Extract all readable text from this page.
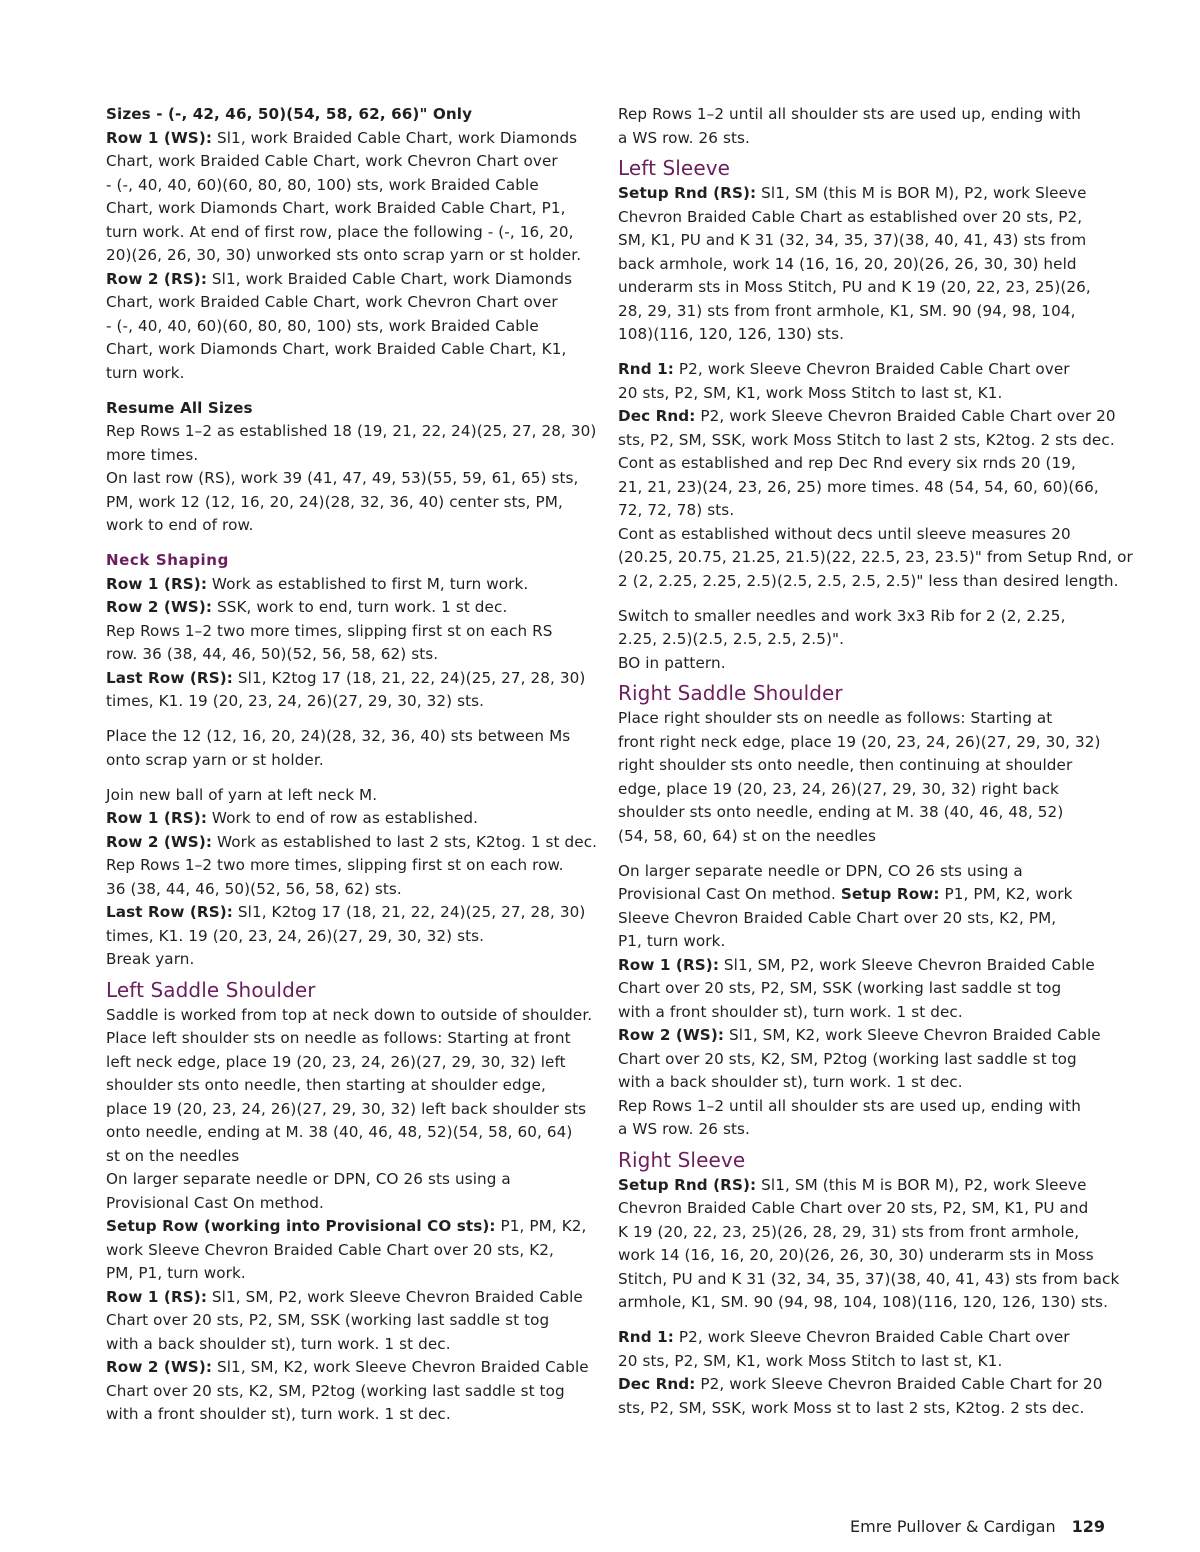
Sizes - (-, 42, 46, 50)(54, 58, 62, 66)" Only
Row 1 (WS): Sl1, work Braided Cable Chart, work Diamonds
Chart, work Braided Cable Chart, work Chevron Chart over
- (-, 40, 40, 60)(60, 80, 80, 100) sts, work Braided Cable
Chart, work Diamonds Chart, work Braided Cable Chart, P1,
turn work. At end of first row, place the following - (-, 16, 20,
20)(26, 26, 30, 30) unworked sts onto scrap yarn or st holder.
Row 2 (RS): Sl1, work Braided Cable Chart, work Diamonds
Chart, work Braided Cable Chart, work Chevron Chart over
- (-, 40, 40, 60)(60, 80, 80, 100) sts, work Braided Cable
Chart, work Diamonds Chart, work Braided Cable Chart, K1,
turn work.
Resume All Sizes
Rep Rows 1–2 as established 18 (19, 21, 22, 24)(25, 27, 28, 30)
more times.
On last row (RS), work 39 (41, 47, 49, 53)(55, 59, 61, 65) sts,
PM, work 12 (12, 16, 20, 24)(28, 32, 36, 40) center sts, PM,
work to end of row.
Neck Shaping
Row 1 (RS): Work as established to first M, turn work.
Row 2 (WS): SSK, work to end, turn work. 1 st dec.
Rep Rows 1–2 two more times, slipping first st on each RS
row. 36 (38, 44, 46, 50)(52, 56, 58, 62) sts.
Last Row (RS): Sl1, K2tog 17 (18, 21, 22, 24)(25, 27, 28, 30)
times, K1. 19 (20, 23, 24, 26)(27, 29, 30, 32) sts.
Place the 12 (12, 16, 20, 24)(28, 32, 36, 40) sts between Ms
onto scrap yarn or st holder.
Join new ball of yarn at left neck M.
Row 1 (RS): Work to end of row as established.
Row 2 (WS): Work as established to last 2 sts, K2tog. 1 st dec.
Rep Rows 1–2 two more times, slipping first st on each row.
36 (38, 44, 46, 50)(52, 56, 58, 62) sts.
Last Row (RS): Sl1, K2tog 17 (18, 21, 22, 24)(25, 27, 28, 30)
times, K1. 19 (20, 23, 24, 26)(27, 29, 30, 32) sts.
Break yarn.
Left Saddle Shoulder
Saddle is worked from top at neck down to outside of shoulder.
Place left shoulder sts on needle as follows: Starting at front
left neck edge, place 19 (20, 23, 24, 26)(27, 29, 30, 32) left
shoulder sts onto needle, then starting at shoulder edge,
place 19 (20, 23, 24, 26)(27, 29, 30, 32) left back shoulder sts
onto needle, ending at M. 38 (40, 46, 48, 52)(54, 58, 60, 64)
st on the needles
On larger separate needle or DPN, CO 26 sts using a
Provisional Cast On method.
Setup Row (working into Provisional CO sts): P1, PM, K2,
work Sleeve Chevron Braided Cable Chart over 20 sts, K2,
PM, P1, turn work.
Row 1 (RS): Sl1, SM, P2, work Sleeve Chevron Braided Cable
Chart over 20 sts, P2, SM, SSK (working last saddle st tog
with a back shoulder st), turn work. 1 st dec.
Row 2 (WS): Sl1, SM, K2, work Sleeve Chevron Braided Cable
Chart over 20 sts, K2, SM, P2tog (working last saddle st tog
with a front shoulder st), turn work. 1 st dec.
Rep Rows 1–2 until all shoulder sts are used up, ending with
a WS row. 26 sts.
Left Sleeve
Setup Rnd (RS): Sl1, SM (this M is BOR M), P2, work Sleeve
Chevron Braided Cable Chart as established over 20 sts, P2,
SM, K1, PU and K 31 (32, 34, 35, 37)(38, 40, 41, 43) sts from
back armhole, work 14 (16, 16, 20, 20)(26, 26, 30, 30) held
underarm sts in Moss Stitch, PU and K 19 (20, 22, 23, 25)(26,
28, 29, 31) sts from front armhole, K1, SM. 90 (94, 98, 104,
108)(116, 120, 126, 130) sts.
Rnd 1: P2, work Sleeve Chevron Braided Cable Chart over
20 sts, P2, SM, K1, work Moss Stitch to last st, K1.
Dec Rnd: P2, work Sleeve Chevron Braided Cable Chart over 20
sts, P2, SM, SSK, work Moss Stitch to last 2 sts, K2tog. 2 sts dec.
Cont as established and rep Dec Rnd every six rnds 20 (19,
21, 21, 23)(24, 23, 26, 25) more times. 48 (54, 54, 60, 60)(66,
72, 72, 78) sts.
Cont as established without decs until sleeve measures 20
(20.25, 20.75, 21.25, 21.5)(22, 22.5, 23, 23.5)" from Setup Rnd, or
2 (2, 2.25, 2.25, 2.5)(2.5, 2.5, 2.5, 2.5)" less than desired length.
Switch to smaller needles and work 3x3 Rib for 2 (2, 2.25,
2.25, 2.5)(2.5, 2.5, 2.5, 2.5)".
BO in pattern.
Right Saddle Shoulder
Place right shoulder sts on needle as follows: Starting at
front right neck edge, place 19 (20, 23, 24, 26)(27, 29, 30, 32)
right shoulder sts onto needle, then continuing at shoulder
edge, place 19 (20, 23, 24, 26)(27, 29, 30, 32) right back
shoulder sts onto needle, ending at M. 38 (40, 46, 48, 52)
(54, 58, 60, 64) st on the needles
On larger separate needle or DPN, CO 26 sts using a
Provisional Cast On method. Setup Row: P1, PM, K2, work
Sleeve Chevron Braided Cable Chart over 20 sts, K2, PM,
P1, turn work.
Row 1 (RS): Sl1, SM, P2, work Sleeve Chevron Braided Cable
Chart over 20 sts, P2, SM, SSK (working last saddle st tog
with a front shoulder st), turn work. 1 st dec.
Row 2 (WS): Sl1, SM, K2, work Sleeve Chevron Braided Cable
Chart over 20 sts, K2, SM, P2tog (working last saddle st tog
with a back shoulder st), turn work. 1 st dec.
Rep Rows 1–2 until all shoulder sts are used up, ending with
a WS row. 26 sts.
Right Sleeve
Setup Rnd (RS): Sl1, SM (this M is BOR M), P2, work Sleeve
Chevron Braided Cable Chart over 20 sts, P2, SM, K1, PU and
K 19 (20, 22, 23, 25)(26, 28, 29, 31) sts from front armhole,
work 14 (16, 16, 20, 20)(26, 26, 30, 30) underarm sts in Moss
Stitch, PU and K 31 (32, 34, 35, 37)(38, 40, 41, 43) sts from back
armhole, K1, SM. 90 (94, 98, 104, 108)(116, 120, 126, 130) sts.
Rnd 1: P2, work Sleeve Chevron Braided Cable Chart over
20 sts, P2, SM, K1, work Moss Stitch to last st, K1.
Dec Rnd: P2, work Sleeve Chevron Braided Cable Chart for 20
sts, P2, SM, SSK, work Moss st to last 2 sts, K2tog. 2 sts dec.
Emre Pullover & Cardigan 129
